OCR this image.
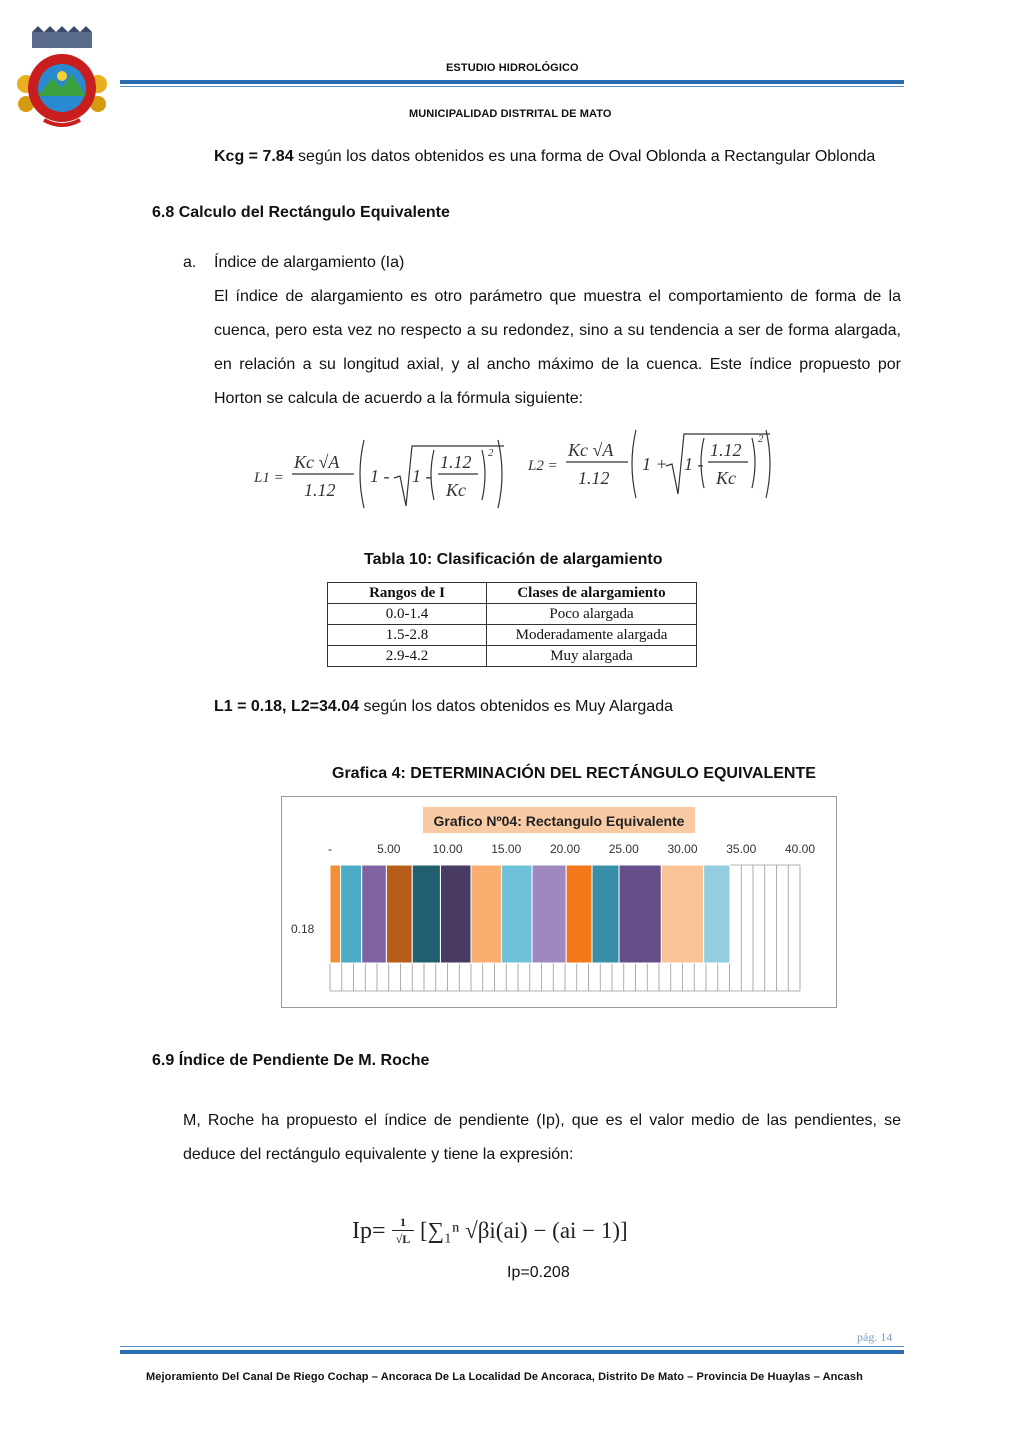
ESTUDIO HIDROLÓGICO
MUNICIPALIDAD DISTRITAL DE MATO
Kcg = 7.84 según los datos obtenidos es una forma de Oval Oblonda a Rectangular Oblonda
6.8 Calculo del Rectángulo Equivalente
a. Índice de alargamiento (Ia)
El índice de alargamiento es otro parámetro que muestra el comportamiento de forma de la
cuenca, pero esta vez no respecto a su redondez, sino a su tendencia a ser de forma alargada,
en relación a su longitud axial, y al ancho máximo de la cuenca. Este índice propuesto por
Horton se calcula de acuerdo a la fórmula siguiente:
L1 =
Kc √A
1.12
1 - 1 -
1.12
Kc
2
L2 =
Kc √A
1.12
1 + 1 -
1.12
Kc
2
Tabla 10: Clasificación de alargamiento
Rangos de I	Clases de alargamiento
0.0-1.4	Poco alargada
1.5-2.8	Moderadamente alargada
2.9-4.2	Muy alargada
L1 = 0.18, L2=34.04 según los datos obtenidos es Muy Alargada
Grafica 4: DETERMINACIÓN DEL RECTÁNGULO EQUIVALENTE
Grafico Nº04: Rectangulo Equivalente
-	5.00	10.00 15.00 20.00 25.00 30.00 35.00 40.00
0.18
6.9 Índice de Pendiente De M. Roche
M, Roche ha propuesto el índice de pendiente (Ip), que es el valor medio de las pendientes, se
deduce del rectángulo equivalente y tiene la expresión:
$Ip= \frac{1}{√L} [\sum_1^n$ √βi(ai) − (ai − 1)]
Ip=0.208
pág. 14
Mejoramiento Del Canal De Riego Cochap – Ancoraca De La Localidad De Ancoraca, Distrito De Mato – Provincia De Huaylas – Ancash
